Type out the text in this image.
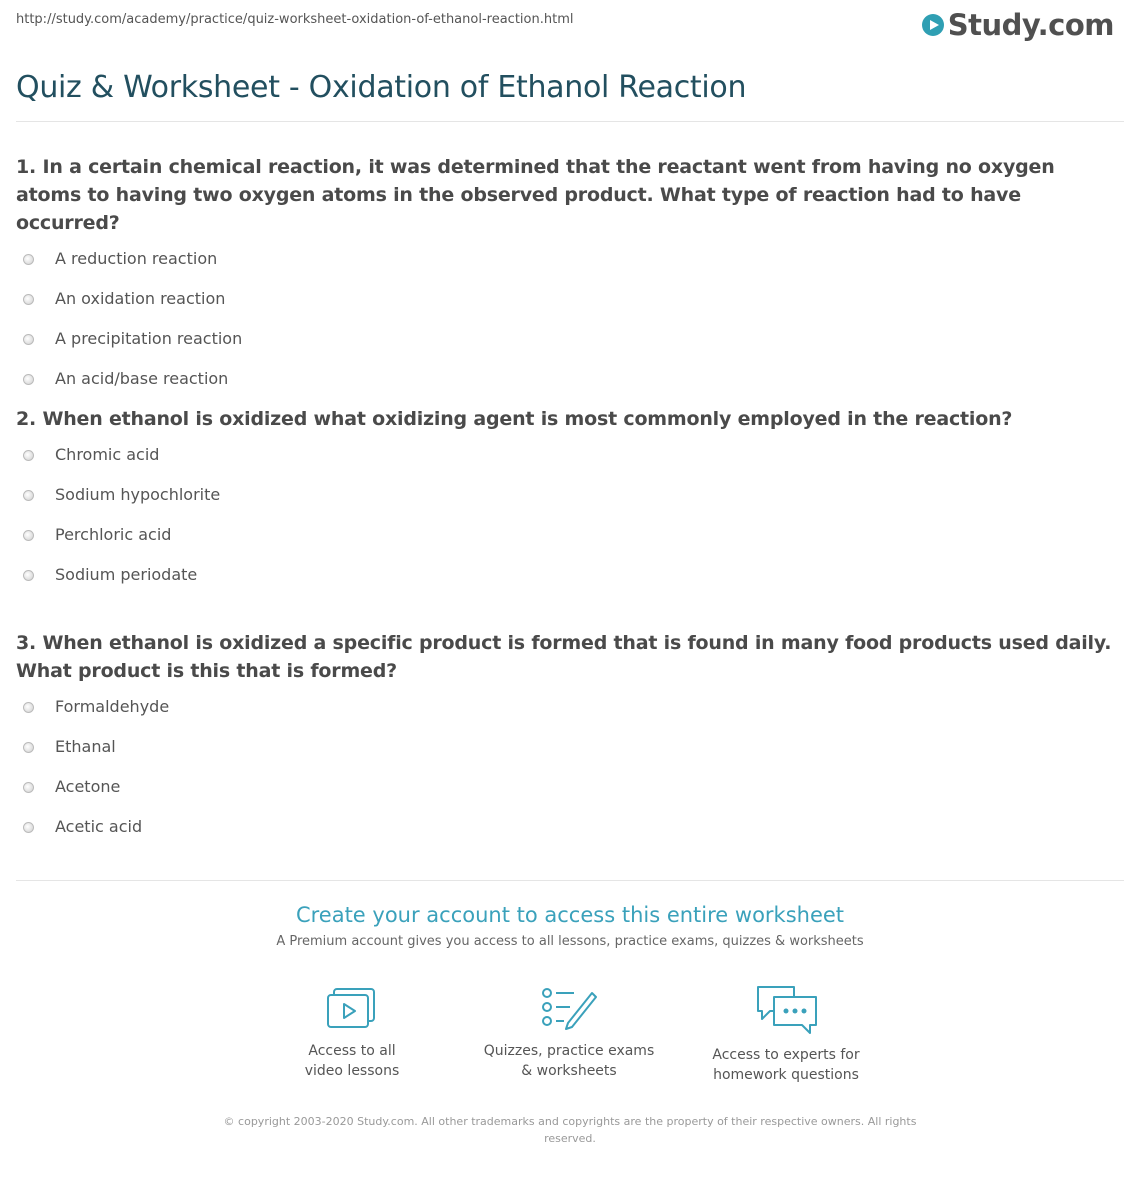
http://study.com/academy/practice/quiz-worksheet-oxidation-of-ethanol-reaction.html	Study.com
Quiz & Worksheet - Oxidation of Ethanol Reaction

1. In a certain chemical reaction, it was determined that the reactant went from having no oxygen atoms to having two oxygen atoms in the observed product. What type of reaction had to have occurred?

A reduction reaction
An oxidation reaction
A precipitation reaction
An acid/base reaction

2. When ethanol is oxidized what oxidizing agent is most commonly employed in the reaction?

Chromic acid
Sodium hypochlorite
Perchloric acid
Sodium periodate

3. When ethanol is oxidized a specific product is formed that is found in many food products used daily. What product is this that is formed?

Formaldehyde
Ethanal
Acetone
Acetic acid
Create your account to access this entire worksheet
A Premium account gives you access to all lessons, practice exams, quizzes & worksheets
Access to all
video lessons
Quizzes, practice exams
& worksheets
Access to experts for
homework questions
© copyright 2003-2020 Study.com. All other trademarks and copyrights are the property of their respective owners. All rights reserved.
